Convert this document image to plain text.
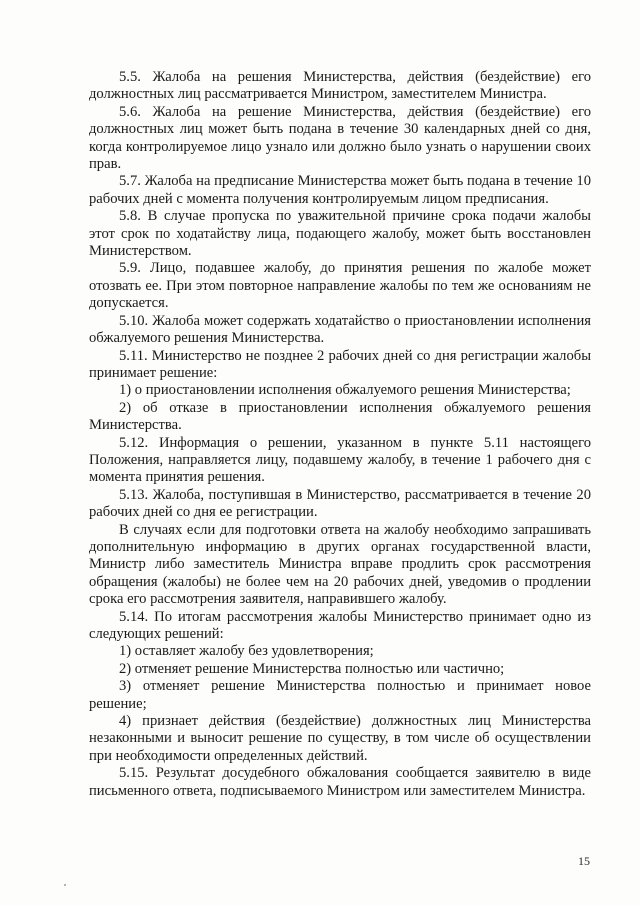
5.5. Жалоба на решения Министерства, действия (бездействие) его должностных лиц рассматривается Министром, заместителем Министра.

5.6. Жалоба на решение Министерства, действия (бездействие) его должностных лиц может быть подана в течение 30 календарных дней со дня, когда контролируемое лицо узнало или должно было узнать о нарушении своих прав.

5.7. Жалоба на предписание Министерства может быть подана в течение 10 рабочих дней с момента получения контролируемым лицом предписания.

5.8. В случае пропуска по уважительной причине срока подачи жалобы этот срок по ходатайству лица, подающего жалобу, может быть восстановлен Министерством.

5.9. Лицо, подавшее жалобу, до принятия решения по жалобе может отозвать ее. При этом повторное направление жалобы по тем же основаниям не допускается.

5.10. Жалоба может содержать ходатайство о приостановлении исполнения обжалуемого решения Министерства.

5.11. Министерство не позднее 2 рабочих дней со дня регистрации жалобы принимает решение:

1) о приостановлении исполнения обжалуемого решения Министерства;

2) об отказе в приостановлении исполнения обжалуемого решения Министерства.

5.12. Информация о решении, указанном в пункте 5.11 настоящего Положения, направляется лицу, подавшему жалобу, в течение 1 рабочего дня с момента принятия решения.

5.13. Жалоба, поступившая в Министерство, рассматривается в течение 20 рабочих дней со дня ее регистрации.

В случаях если для подготовки ответа на жалобу необходимо запрашивать дополнительную информацию в других органах государственной власти, Министр либо заместитель Министра вправе продлить срок рассмотрения обращения (жалобы) не более чем на 20 рабочих дней, уведомив о продлении срока его рассмотрения заявителя, направившего жалобу.

5.14. По итогам рассмотрения жалобы Министерство принимает одно из следующих решений:

1) оставляет жалобу без удовлетворения;

2) отменяет решение Министерства полностью или частично;

3) отменяет решение Министерства полностью и принимает новое решение;

4) признает действия (бездействие) должностных лиц Министерства незаконными и выносит решение по существу, в том числе об осуществлении при необходимости определенных действий.

5.15. Результат досудебного обжалования сообщается заявителю в виде письменного ответа, подписываемого Министром или заместителем Министра.

15
